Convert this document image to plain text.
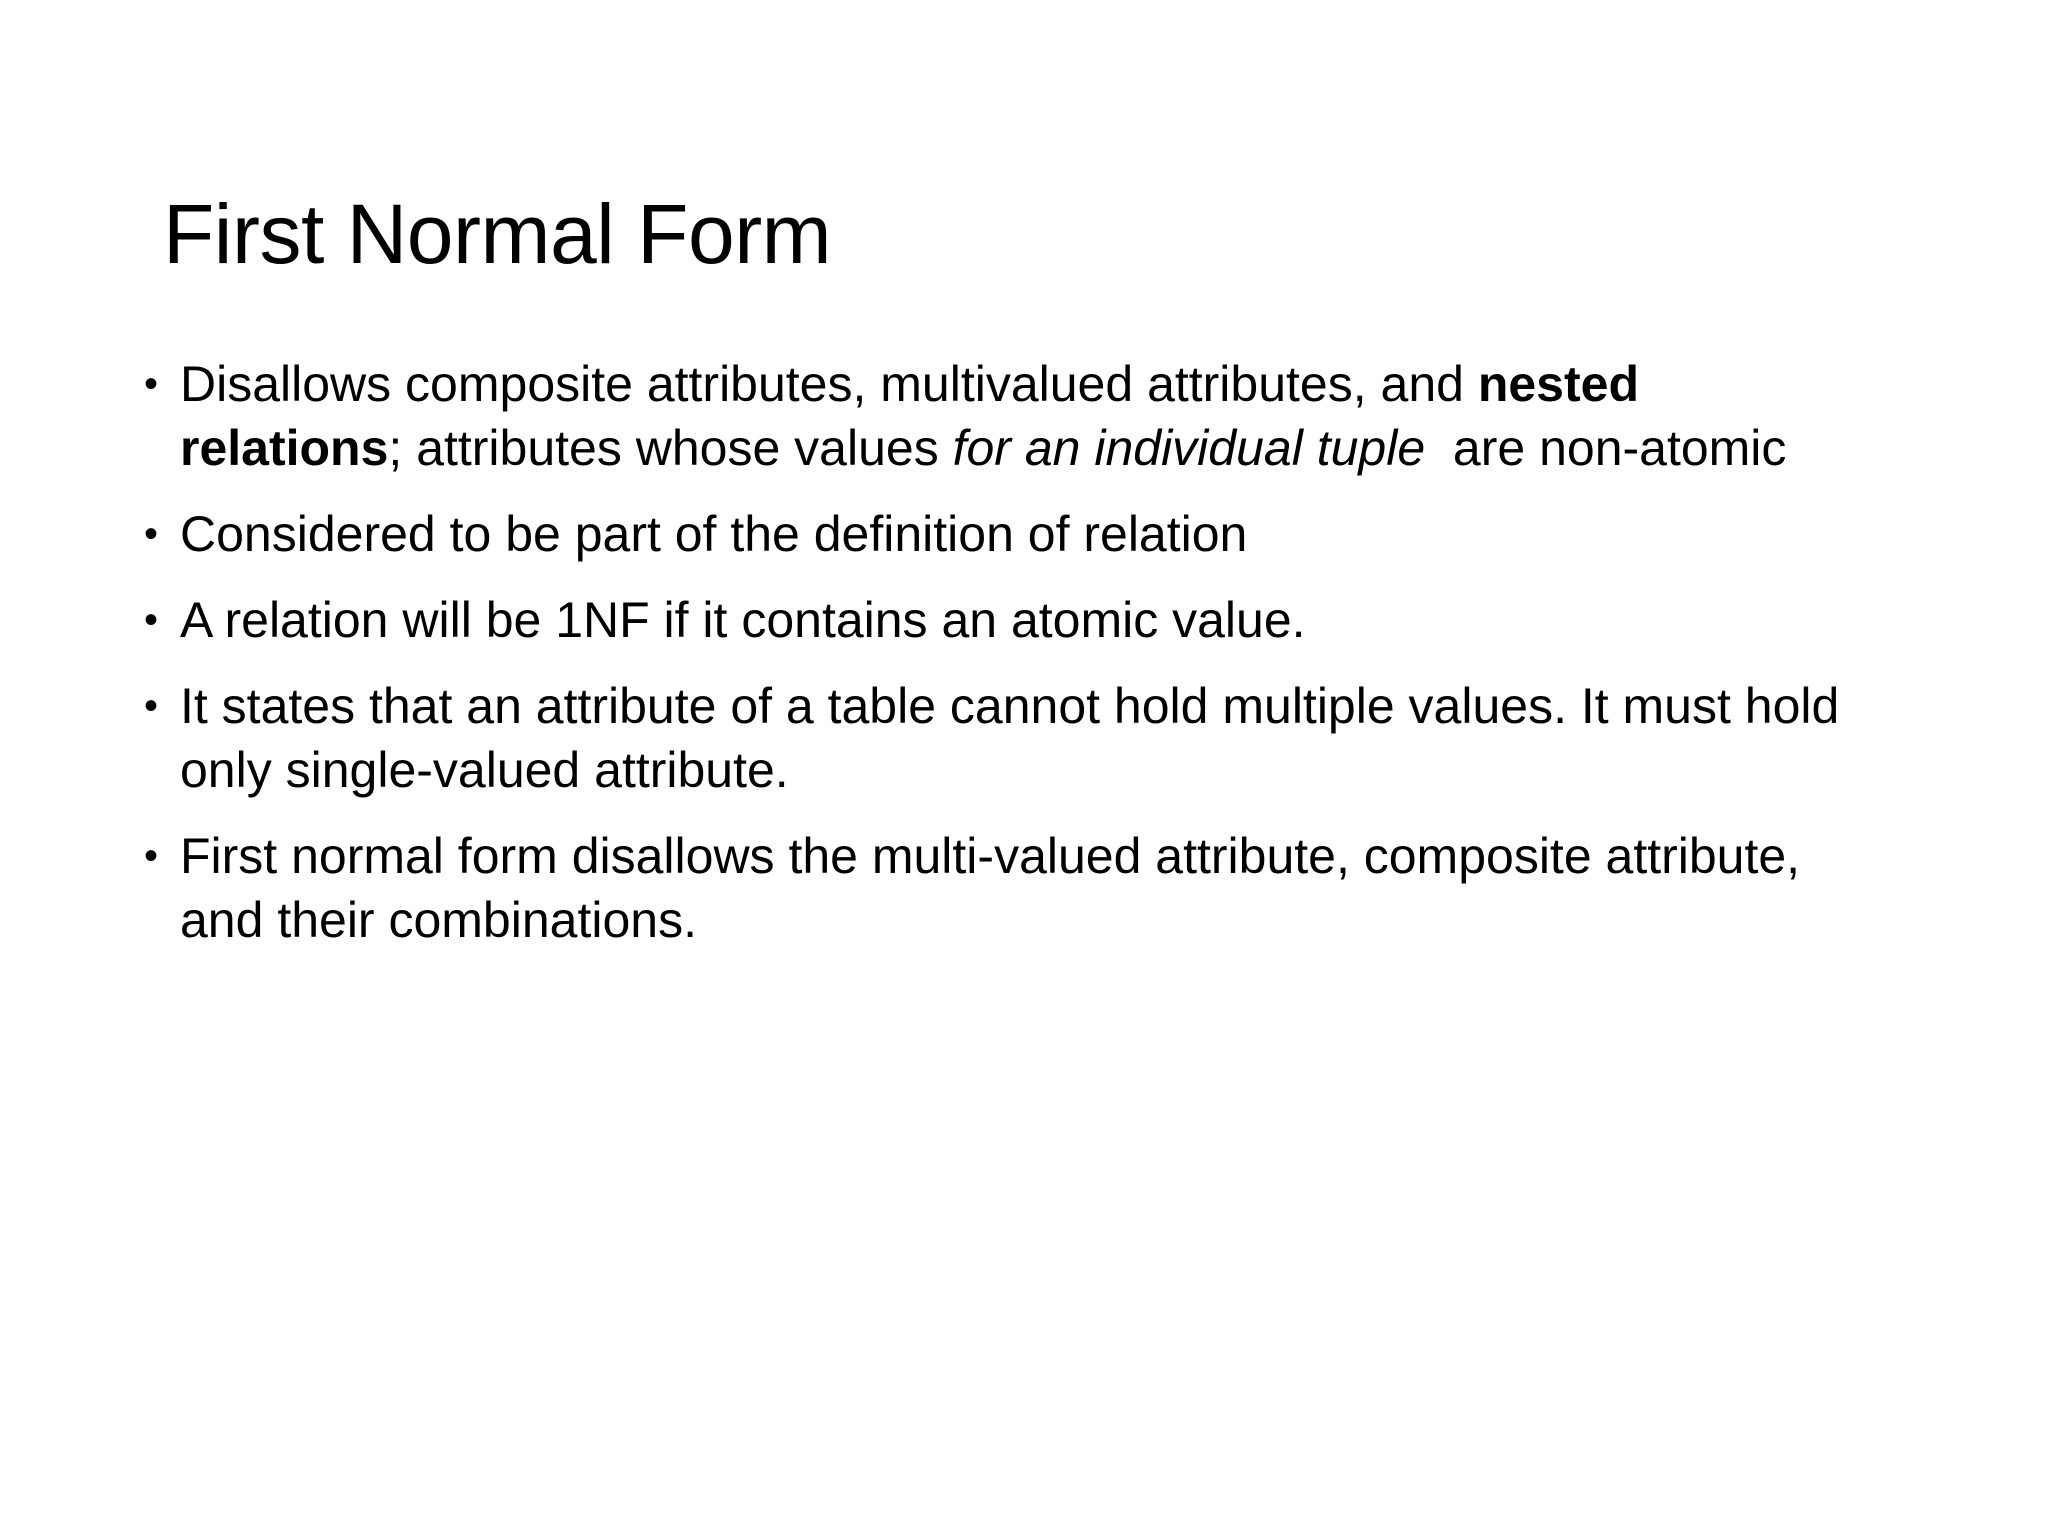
First Normal Form
• Disallows composite attributes, multivalued attributes, and nested relations; attributes whose values for an individual tuple  are non-atomic
• Considered to be part of the definition of relation
• A relation will be 1NF if it contains an atomic value.
• It states that an attribute of a table cannot hold multiple values. It must hold only single-valued attribute.
• First normal form disallows the multi-valued attribute, composite attribute, and their combinations.
